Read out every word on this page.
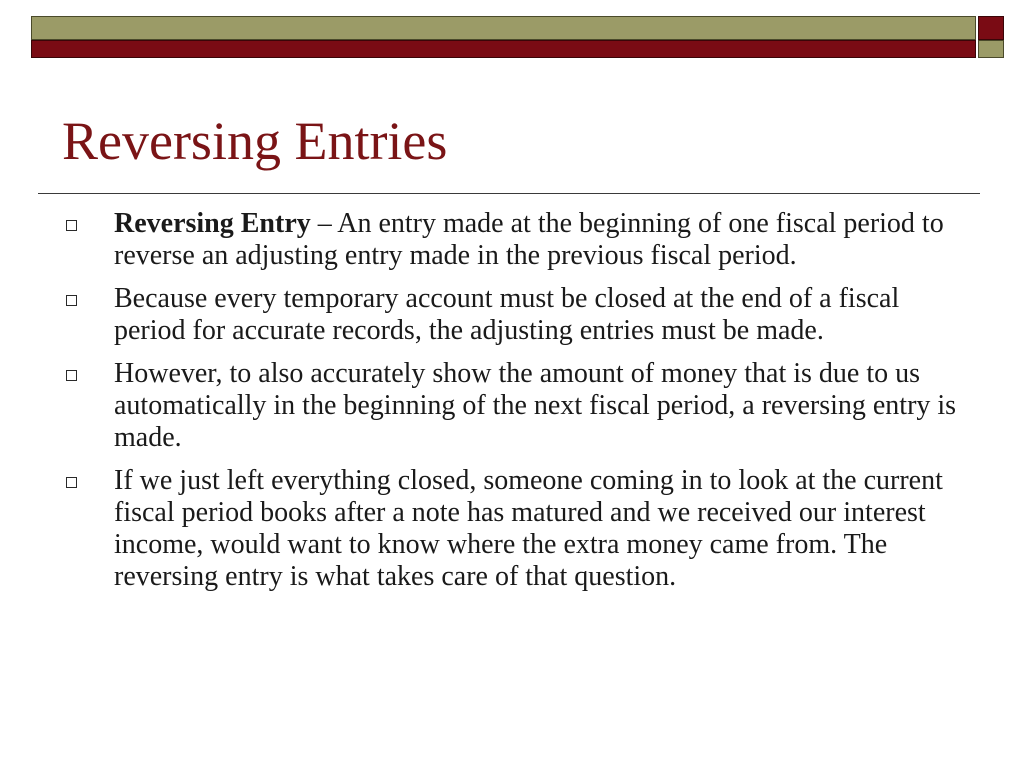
Reversing Entries
Reversing Entry – An entry made at the beginning of one fiscal period to reverse an adjusting entry made in the previous fiscal period.
Because every temporary account must be closed at the end of a fiscal period for accurate records, the adjusting entries must be made.
However, to also accurately show the amount of money that is due to us automatically in the beginning of the next fiscal period, a reversing entry is made.
If we just left everything closed, someone coming in to look at the current fiscal period books after a note has matured and we received our interest income, would want to know where the extra money came from. The reversing entry is what takes care of that question.
